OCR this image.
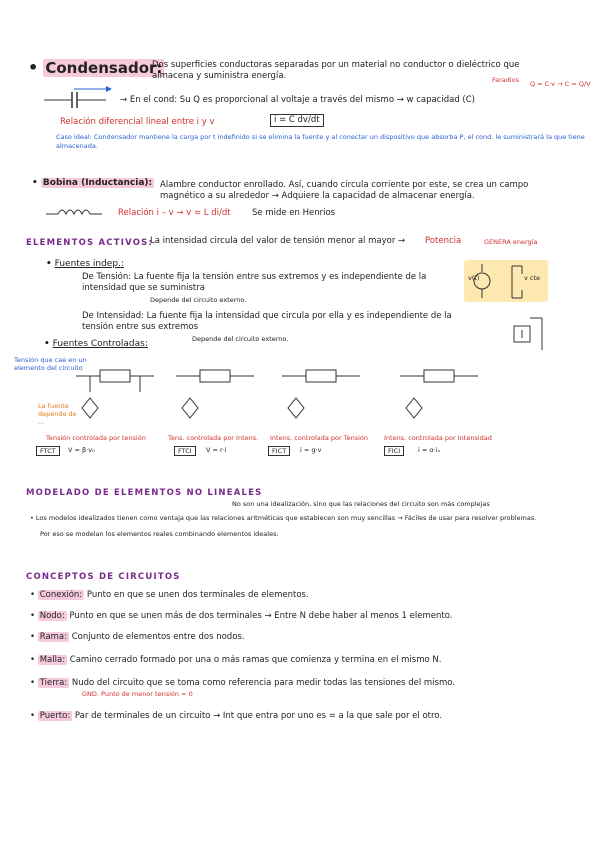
• Condensador:
Dos superficies conductoras separadas por un material no conductor o dieléctrico que almacena y suministra energía.	Faradios Q = C·v → C = Q/V
→ En el cond: Su Q es proporcional al voltaje a través del mismo → w capacidad (C)
Relación diferencial lineal entre i y v	i = C dv/dt
Caso ideal: Condensador mantiene la carga por t indefinido si se elimina la fuente y al conectar un dispositivo que absorba P, el cond. le suministrará la que tiene almacenada.
• Bobina (Inductancia): Alambre conductor enrollado. Así, cuando circula corriente por este, se crea un campo magnético a su alrededor → Adquiere la capacidad de almacenar energía.
Relación i – v → v = L di/dt	Se mide en Henrios
ELEMENTOS ACTIVOS:
La intensidad circula del valor de tensión menor al mayor → Potencia	GENERA energía
• Fuentes indep.:
De Tensión: La fuente fija la tensión entre sus extremos y es independiente de la intensidad que se suministra
Depende del circuito externo.
De Intensidad: La fuente fija la intensidad que circula por ella y es independiente de la tensión entre sus extremos
Depende del circuito externo.
v(t)	v cte
• Fuentes Controladas:
Tensión que cae en un elemento del circuito
La fuente depende de ...
Tensión controlada por tensión
FTCT	V = β·v₀
Tens. controlada por Intens.
FTCI	V = r·i
Intens. controlada por Tensión
FICT	i = g·v
Intens. controlada por Intensidad
FICI	i = α·iₓ
MODELADO DE ELEMENTOS NO LINEALES
No son una idealización, sino que las relaciones del circuito son más complejas
• Los modelos idealizados tienen como ventaja que las relaciones aritméticas que establecen son muy sencillas → Fáciles de usar para resolver problemas.
Por eso se modelan los elementos reales combinando elementos ideales.
CONCEPTOS DE CIRCUITOS
• Conexión: Punto en que se unen dos terminales de elementos.
• Nodo: Punto en que se unen más de dos terminales → Entre N debe haber al menos 1 elemento.
• Rama: Conjunto de elementos entre dos nodos.
• Malla: Camino cerrado formado por una o más ramas que comienza y termina en el mismo N.
• Tierra: Nudo del circuito que se toma como referencia para medir todas las tensiones del mismo.
GND. Punto de menor tensión = 0
• Puerto: Par de terminales de un circuito → Int que entra por uno es = a la que sale por el otro.
